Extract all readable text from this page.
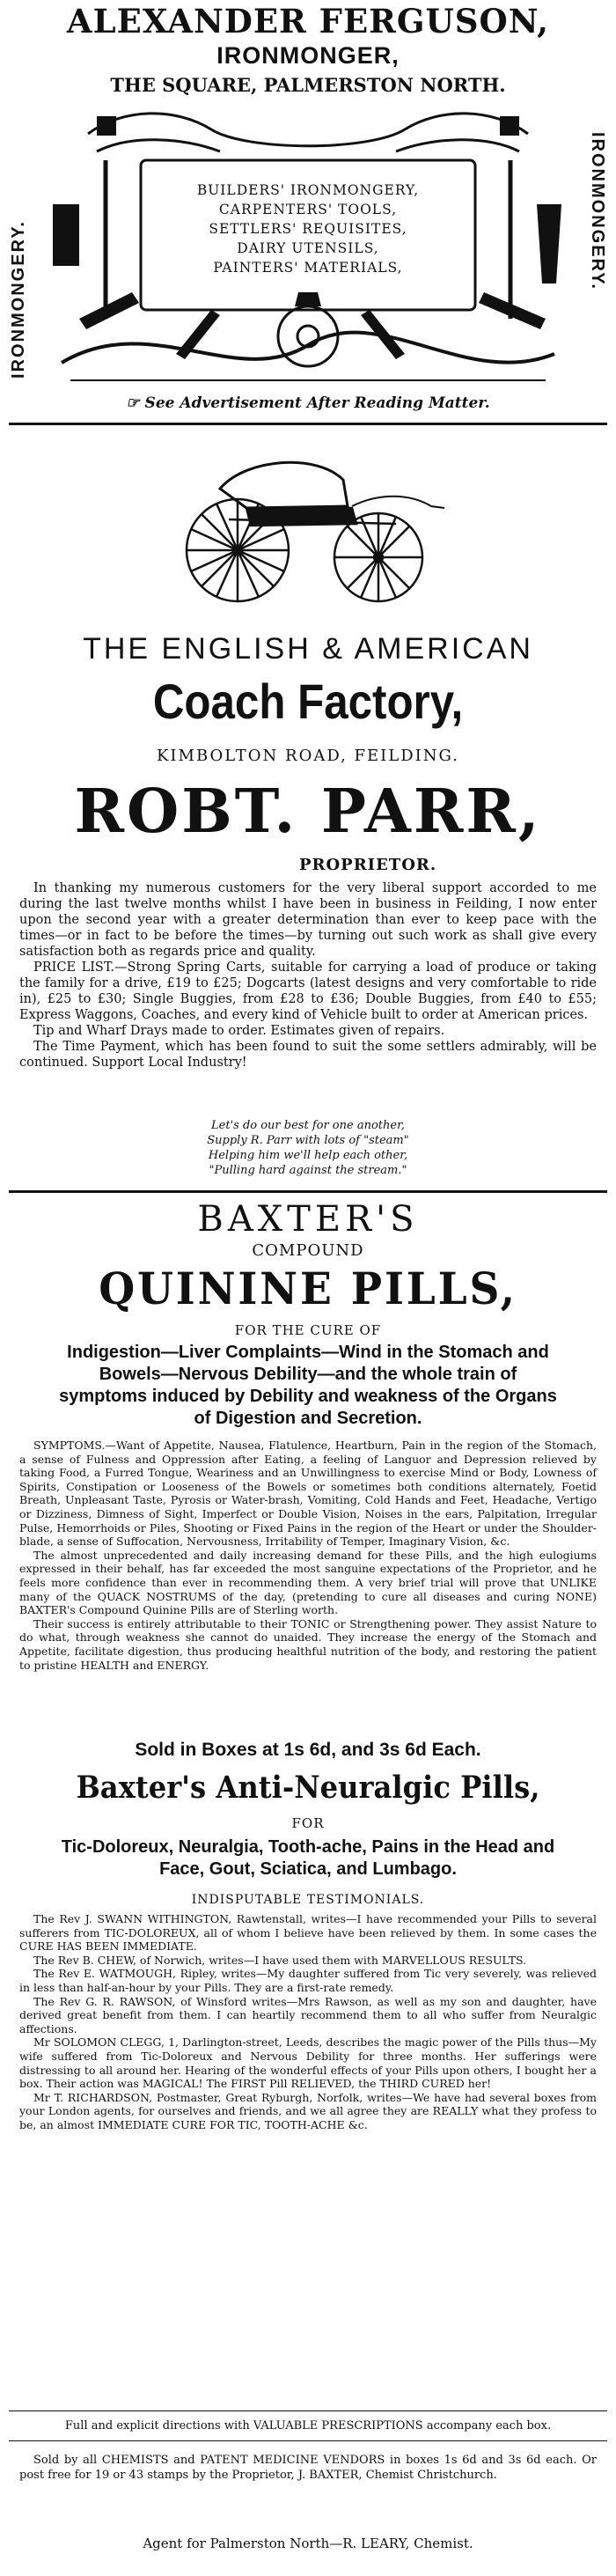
ALEXANDER FERGUSON,
IRONMONGER,
THE SQUARE, PALMERSTON NORTH.
IRONMONGERY.
IRONMONGERY.
BUILDERS' IRONMONGERY,
CARPENTERS' TOOLS,
SETTLERS' REQUISITES,
DAIRY UTENSILS,
PAINTERS' MATERIALS,
☞ See Advertisement After Reading Matter.
THE ENGLISH & AMERICAN
Coach Factory,
KIMBOLTON ROAD, FEILDING.
ROBT. PARR,
PROPRIETOR.

In thanking my numerous customers for the very liberal support accorded to me during the last twelve months whilst I have been in business in Feilding, I now enter upon the second year with a greater determination than ever to keep pace with the times—or in fact to be before the times—by turning out such work as shall give every satisfaction both as regards price and quality.

PRICE LIST.—Strong Spring Carts, suitable for carrying a load of produce or taking the family for a drive, £19 to £25; Dogcarts (latest designs and very comfortable to ride in), £25 to £30; Single Buggies, from £28 to £36; Double Buggies, from £40 to £55; Express Waggons, Coaches, and every kind of Vehicle built to order at American prices.

Tip and Wharf Drays made to order. Estimates given of repairs.

The Time Payment, which has been found to suit the some settlers admirably, will be continued. Support Local Industry!

Let's do our best for one another,
Supply R. Parr with lots of "steam"
Helping him we'll help each other,
"Pulling hard against the stream."
BAXTER'S
COMPOUND
QUININE PILLS,
FOR THE CURE OF
Indigestion—Liver Complaints—Wind in the Stomach and Bowels—Nervous Debility—and the whole train of symptoms induced by Debility and weakness of the Organs of Digestion and Secretion.

SYMPTOMS.—Want of Appetite, Nausea, Flatulence, Heartburn, Pain in the region of the Stomach, a sense of Fulness and Oppression after Eating, a feeling of Languor and Depression relieved by taking Food, a Furred Tongue, Weariness and an Unwillingness to exercise Mind or Body, Lowness of Spirits, Constipation or Looseness of the Bowels or sometimes both conditions alternately, Foetid Breath, Unpleasant Taste, Pyrosis or Water-brash, Vomiting, Cold Hands and Feet, Headache, Vertigo or Dizziness, Dimness of Sight, Imperfect or Double Vision, Noises in the ears, Palpitation, Irregular Pulse, Hemorrhoids or Piles, Shooting or Fixed Pains in the region of the Heart or under the Shoulder-blade, a sense of Suffocation, Nervousness, Irritability of Temper, Imaginary Vision, &c.

The almost unprecedented and daily increasing demand for these Pills, and the high eulogiums expressed in their behalf, has far exceeded the most sanguine expectations of the Proprietor, and he feels more confidence than ever in recommending them. A very brief trial will prove that UNLIKE many of the QUACK NOSTRUMS of the day, (pretending to cure all diseases and curing NONE) BAXTER's Compound Quinine Pills are of Sterling worth.

Their success is entirely attributable to their TONIC or Strengthening power. They assist Nature to do what, through weakness she cannot do unaided. They increase the energy of the Stomach and Appetite, facilitate digestion, thus producing healthful nutrition of the body, and restoring the patient to pristine HEALTH and ENERGY.

Sold in Boxes at 1s 6d, and 3s 6d Each.
Baxter's Anti-Neuralgic Pills,
FOR
Tic-Doloreux, Neuralgia, Tooth-ache, Pains in the Head and Face, Gout, Sciatica, and Lumbago.
INDISPUTABLE TESTIMONIALS.

The Rev J. SWANN WITHINGTON, Rawtenstall, writes—I have recommended your Pills to several sufferers from TIC-DOLOREUX, all of whom I believe have been relieved by them. In some cases the CURE HAS BEEN IMMEDIATE.

The Rev B. CHEW, of Norwich, writes—I have used them with MARVELLOUS RESULTS.

The Rev E. WATMOUGH, Ripley, writes—My daughter suffered from Tic very severely, was relieved in less than half-an-hour by your Pills. They are a first-rate remedy.

The Rev G. R. RAWSON, of Winsford writes—Mrs Rawson, as well as my son and daughter, have derived great benefit from them. I can heartily recommend them to all who suffer from Neuralgic affections.

Mr SOLOMON CLEGG, 1, Darlington-street, Leeds, describes the magic power of the Pills thus—My wife suffered from Tic-Doloreux and Nervous Debility for three months. Her sufferings were distressing to all around her. Hearing of the wonderful effects of your Pills upon others, I bought her a box. Their action was MAGICAL! The FIRST Pill RELIEVED, the THIRD CURED her!

Mr T. RICHARDSON, Postmaster, Great Ryburgh, Norfolk, writes—We have had several boxes from your London agents, for ourselves and friends, and we all agree they are REALLY what they profess to be, an almost IMMEDIATE CURE FOR TIC, TOOTH-ACHE &c.

Full and explicit directions with VALUABLE PRESCRIPTIONS accompany each box.

Sold by all CHEMISTS and PATENT MEDICINE VENDORS in boxes 1s 6d and 3s 6d each. Or post free for 19 or 43 stamps by the Proprietor, J. BAXTER, Chemist Christchurch.

Agent for Palmerston North—R. LEARY, Chemist.
